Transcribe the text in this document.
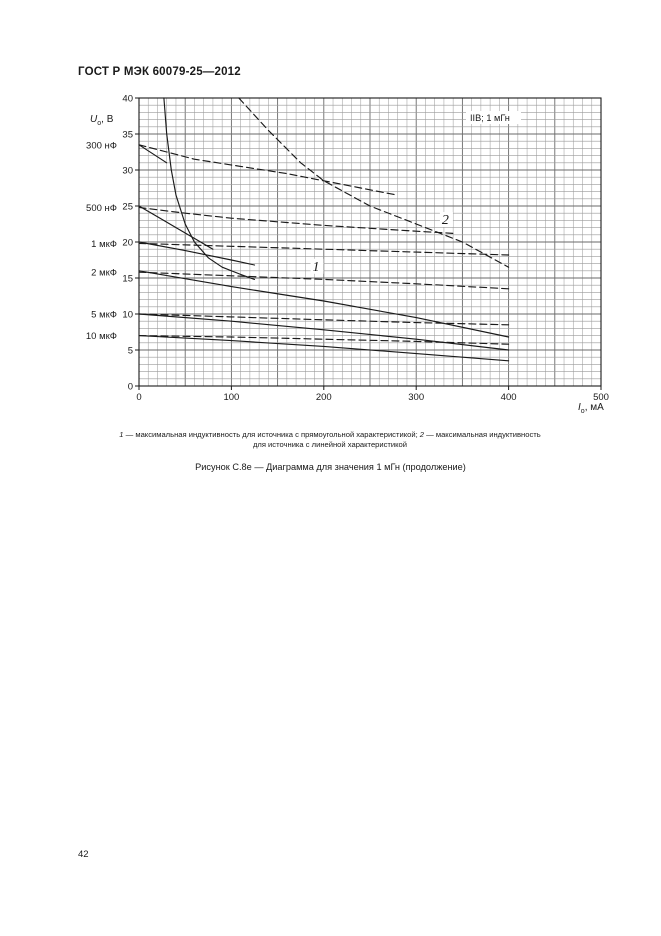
ГОСТ Р МЭК 60079-25—2012
0	100	200	300	400	500
0
5
10
15
20
25
30
35
40
300 нФ
500 нФ
1 мкФ
2 мкФ
5 мкФ
10 мкФ
$U_o$, В
$I_o$, мА
IIB; 1 мГн
1
2
1 — максимальная индуктивность для источника с прямоугольной характеристикой; 2 — максимальная индуктивность
для источника с линейной характеристикой
Рисунок С.8е — Диаграмма для значения 1 мГн (продолжение)
42
